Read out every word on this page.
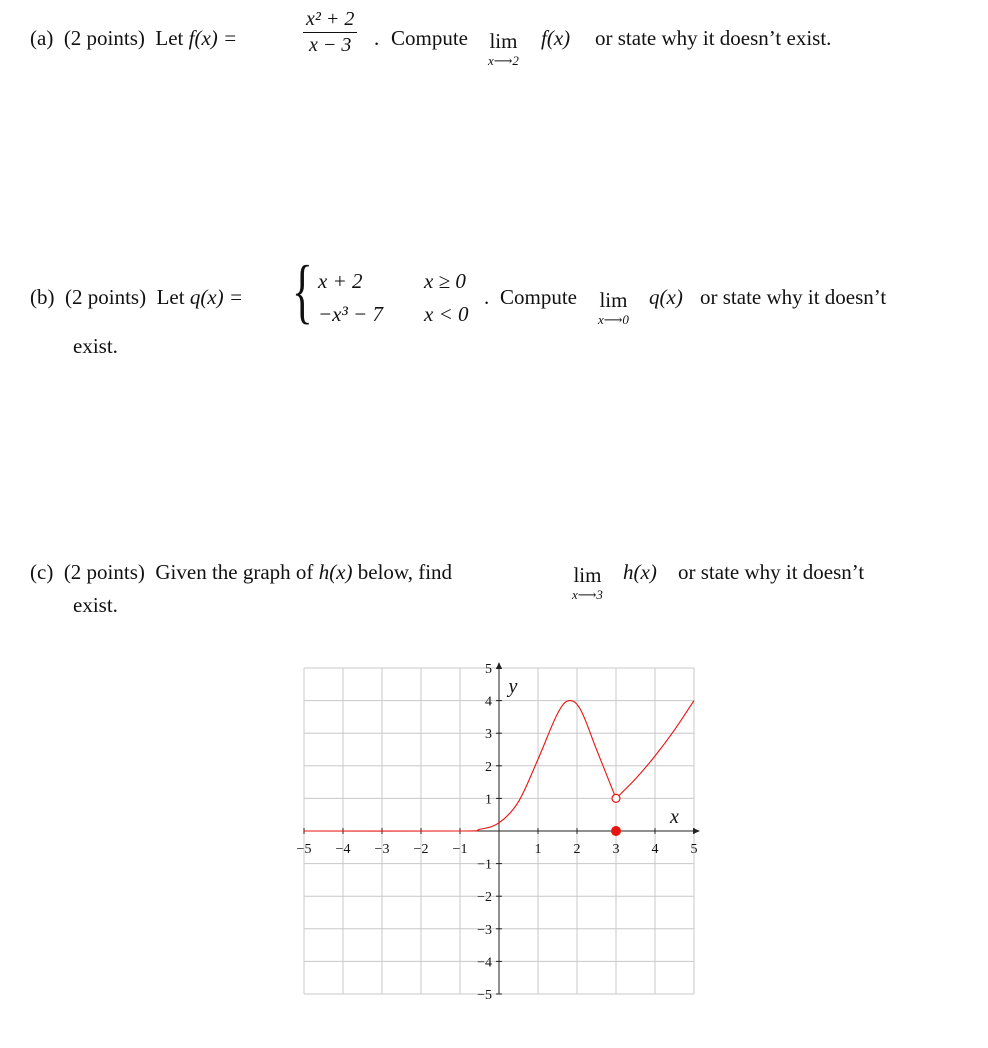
(a) (2 points) Let f(x) =	$\frac{\text{x² + 2}}{x - 3}$ . Compute lim
x⟶2
f(x) or state why it doesn’t exist.
(b) (2 points) Let q(x) = { x + 2	x ≥ 0
−x³ − 7 x < 0
. Compute lim
x⟶0
q(x) or state why it doesn’t
exist.
(c) (2 points) Given the graph of h(x) below, find	lim
x⟶3
h(x) or state why it doesn’t
exist.
−5 −4 −3 −2 −1	1 2 3 4 5
5
4
3
2
1
−1
−2
−3
−4
−5
x
y
